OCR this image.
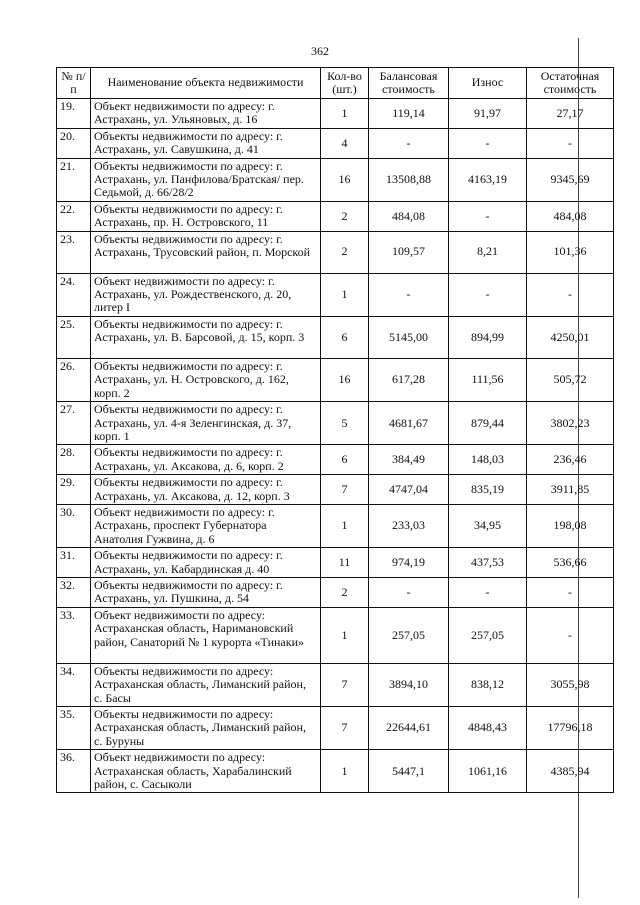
362
№ п/п	Наименование объекта недвижимости	Кол-во (шт.)	Балансовая стоимость	Износ	Остаточная стоимость
19.	Объект недвижимости по адресу: г. Астрахань, ул. Ульяновых, д. 16	1	119,14	91,97	27,17
20.	Объекты недвижимости по адресу: г. Астрахань, ул. Савушкина, д. 41	4	-	-	-
21.	Объекты недвижимости по адресу: г. Астрахань, ул. Панфилова/Братская/ пер. Седьмой, д. 66/28/2	16	13508,88	4163,19	9345,69
22.	Объекты недвижимости по адресу: г. Астрахань, пр. Н. Островского, 11	2	484,08	-	484,08
23.	Объекты недвижимости по адресу: г. Астрахань, Трусовский район, п. Морской	2	109,57	8,21	101,36
24.	Объект недвижимости по адресу: г. Астрахань, ул. Рождественского, д. 20, литер I	1	-	-	-
25.	Объекты недвижимости по адресу: г. Астрахань, ул. В. Барсовой, д. 15, корп. 3	6	5145,00	894,99	4250,01
26.	Объекты недвижимости по адресу: г. Астрахань, ул. Н. Островского, д. 162, корп. 2	16	617,28	111,56	505,72
27.	Объекты недвижимости по адресу: г. Астрахань, ул. 4-я Зеленгинская, д. 37, корп. 1	5	4681,67	879,44	3802,23
28.	Объекты недвижимости по адресу: г. Астрахань, ул. Аксакова, д. 6, корп. 2	6	384,49	148,03	236,46
29.	Объекты недвижимости по адресу: г. Астрахань, ул. Аксакова, д. 12, корп. 3	7	4747,04	835,19	3911,85
30.	Объект недвижимости по адресу: г. Астрахань, проспект Губернатора Анатолия Гужвина, д. 6	1	233,03	34,95	198,08
31.	Объекты недвижимости по адресу: г. Астрахань, ул. Кабардинская д. 40	11	974,19	437,53	536,66
32.	Объекты недвижимости по адресу: г. Астрахань, ул. Пушкина, д. 54	2	-	-	-
33.	Объект недвижимости по адресу: Астраханская область, Наримановский район, Санаторий № 1 курорта «Тинаки»	1	257,05	257,05	-
34.	Объекты недвижимости по адресу: Астраханская область, Лиманский район, с. Басы	7	3894,10	838,12	3055,98
35.	Объекты недвижимости по адресу: Астраханская область, Лиманский район, с. Буруны	7	22644,61	4848,43	17796,18
36.	Объект недвижимости по адресу: Астраханская область, Харабалинский район, с. Сасыколи	1	5447,1	1061,16	4385,94
